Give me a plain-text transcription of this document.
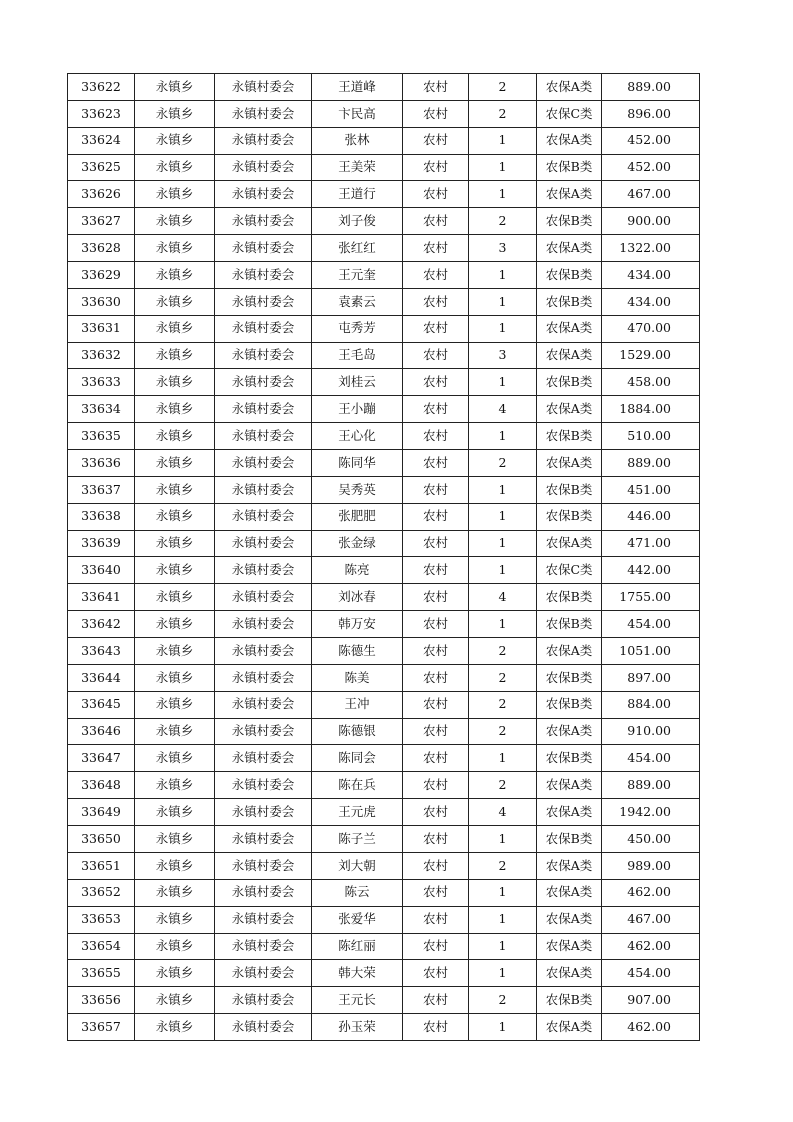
33622	永镇乡	永镇村委会	王道峰	农村	2	农保A类	889.00
33623	永镇乡	永镇村委会	卞民高	农村	2	农保C类	896.00
33624	永镇乡	永镇村委会	张林	农村	1	农保A类	452.00
33625	永镇乡	永镇村委会	王美荣	农村	1	农保B类	452.00
33626	永镇乡	永镇村委会	王道行	农村	1	农保A类	467.00
33627	永镇乡	永镇村委会	刘子俊	农村	2	农保B类	900.00
33628	永镇乡	永镇村委会	张红红	农村	3	农保A类	1322.00
33629	永镇乡	永镇村委会	王元奎	农村	1	农保B类	434.00
33630	永镇乡	永镇村委会	袁素云	农村	1	农保B类	434.00
33631	永镇乡	永镇村委会	屯秀芳	农村	1	农保A类	470.00
33632	永镇乡	永镇村委会	王毛岛	农村	3	农保A类	1529.00
33633	永镇乡	永镇村委会	刘桂云	农村	1	农保B类	458.00
33634	永镇乡	永镇村委会	王小蹦	农村	4	农保A类	1884.00
33635	永镇乡	永镇村委会	王心化	农村	1	农保B类	510.00
33636	永镇乡	永镇村委会	陈同华	农村	2	农保A类	889.00
33637	永镇乡	永镇村委会	吴秀英	农村	1	农保B类	451.00
33638	永镇乡	永镇村委会	张肥肥	农村	1	农保B类	446.00
33639	永镇乡	永镇村委会	张金绿	农村	1	农保A类	471.00
33640	永镇乡	永镇村委会	陈亮	农村	1	农保C类	442.00
33641	永镇乡	永镇村委会	刘冰春	农村	4	农保B类	1755.00
33642	永镇乡	永镇村委会	韩万安	农村	1	农保B类	454.00
33643	永镇乡	永镇村委会	陈德生	农村	2	农保A类	1051.00
33644	永镇乡	永镇村委会	陈美	农村	2	农保B类	897.00
33645	永镇乡	永镇村委会	王冲	农村	2	农保B类	884.00
33646	永镇乡	永镇村委会	陈德银	农村	2	农保A类	910.00
33647	永镇乡	永镇村委会	陈同会	农村	1	农保B类	454.00
33648	永镇乡	永镇村委会	陈在兵	农村	2	农保A类	889.00
33649	永镇乡	永镇村委会	王元虎	农村	4	农保A类	1942.00
33650	永镇乡	永镇村委会	陈子兰	农村	1	农保B类	450.00
33651	永镇乡	永镇村委会	刘大朝	农村	2	农保A类	989.00
33652	永镇乡	永镇村委会	陈云	农村	1	农保A类	462.00
33653	永镇乡	永镇村委会	张爱华	农村	1	农保A类	467.00
33654	永镇乡	永镇村委会	陈红丽	农村	1	农保A类	462.00
33655	永镇乡	永镇村委会	韩大荣	农村	1	农保A类	454.00
33656	永镇乡	永镇村委会	王元长	农村	2	农保B类	907.00
33657	永镇乡	永镇村委会	孙玉荣	农村	1	农保A类	462.00
